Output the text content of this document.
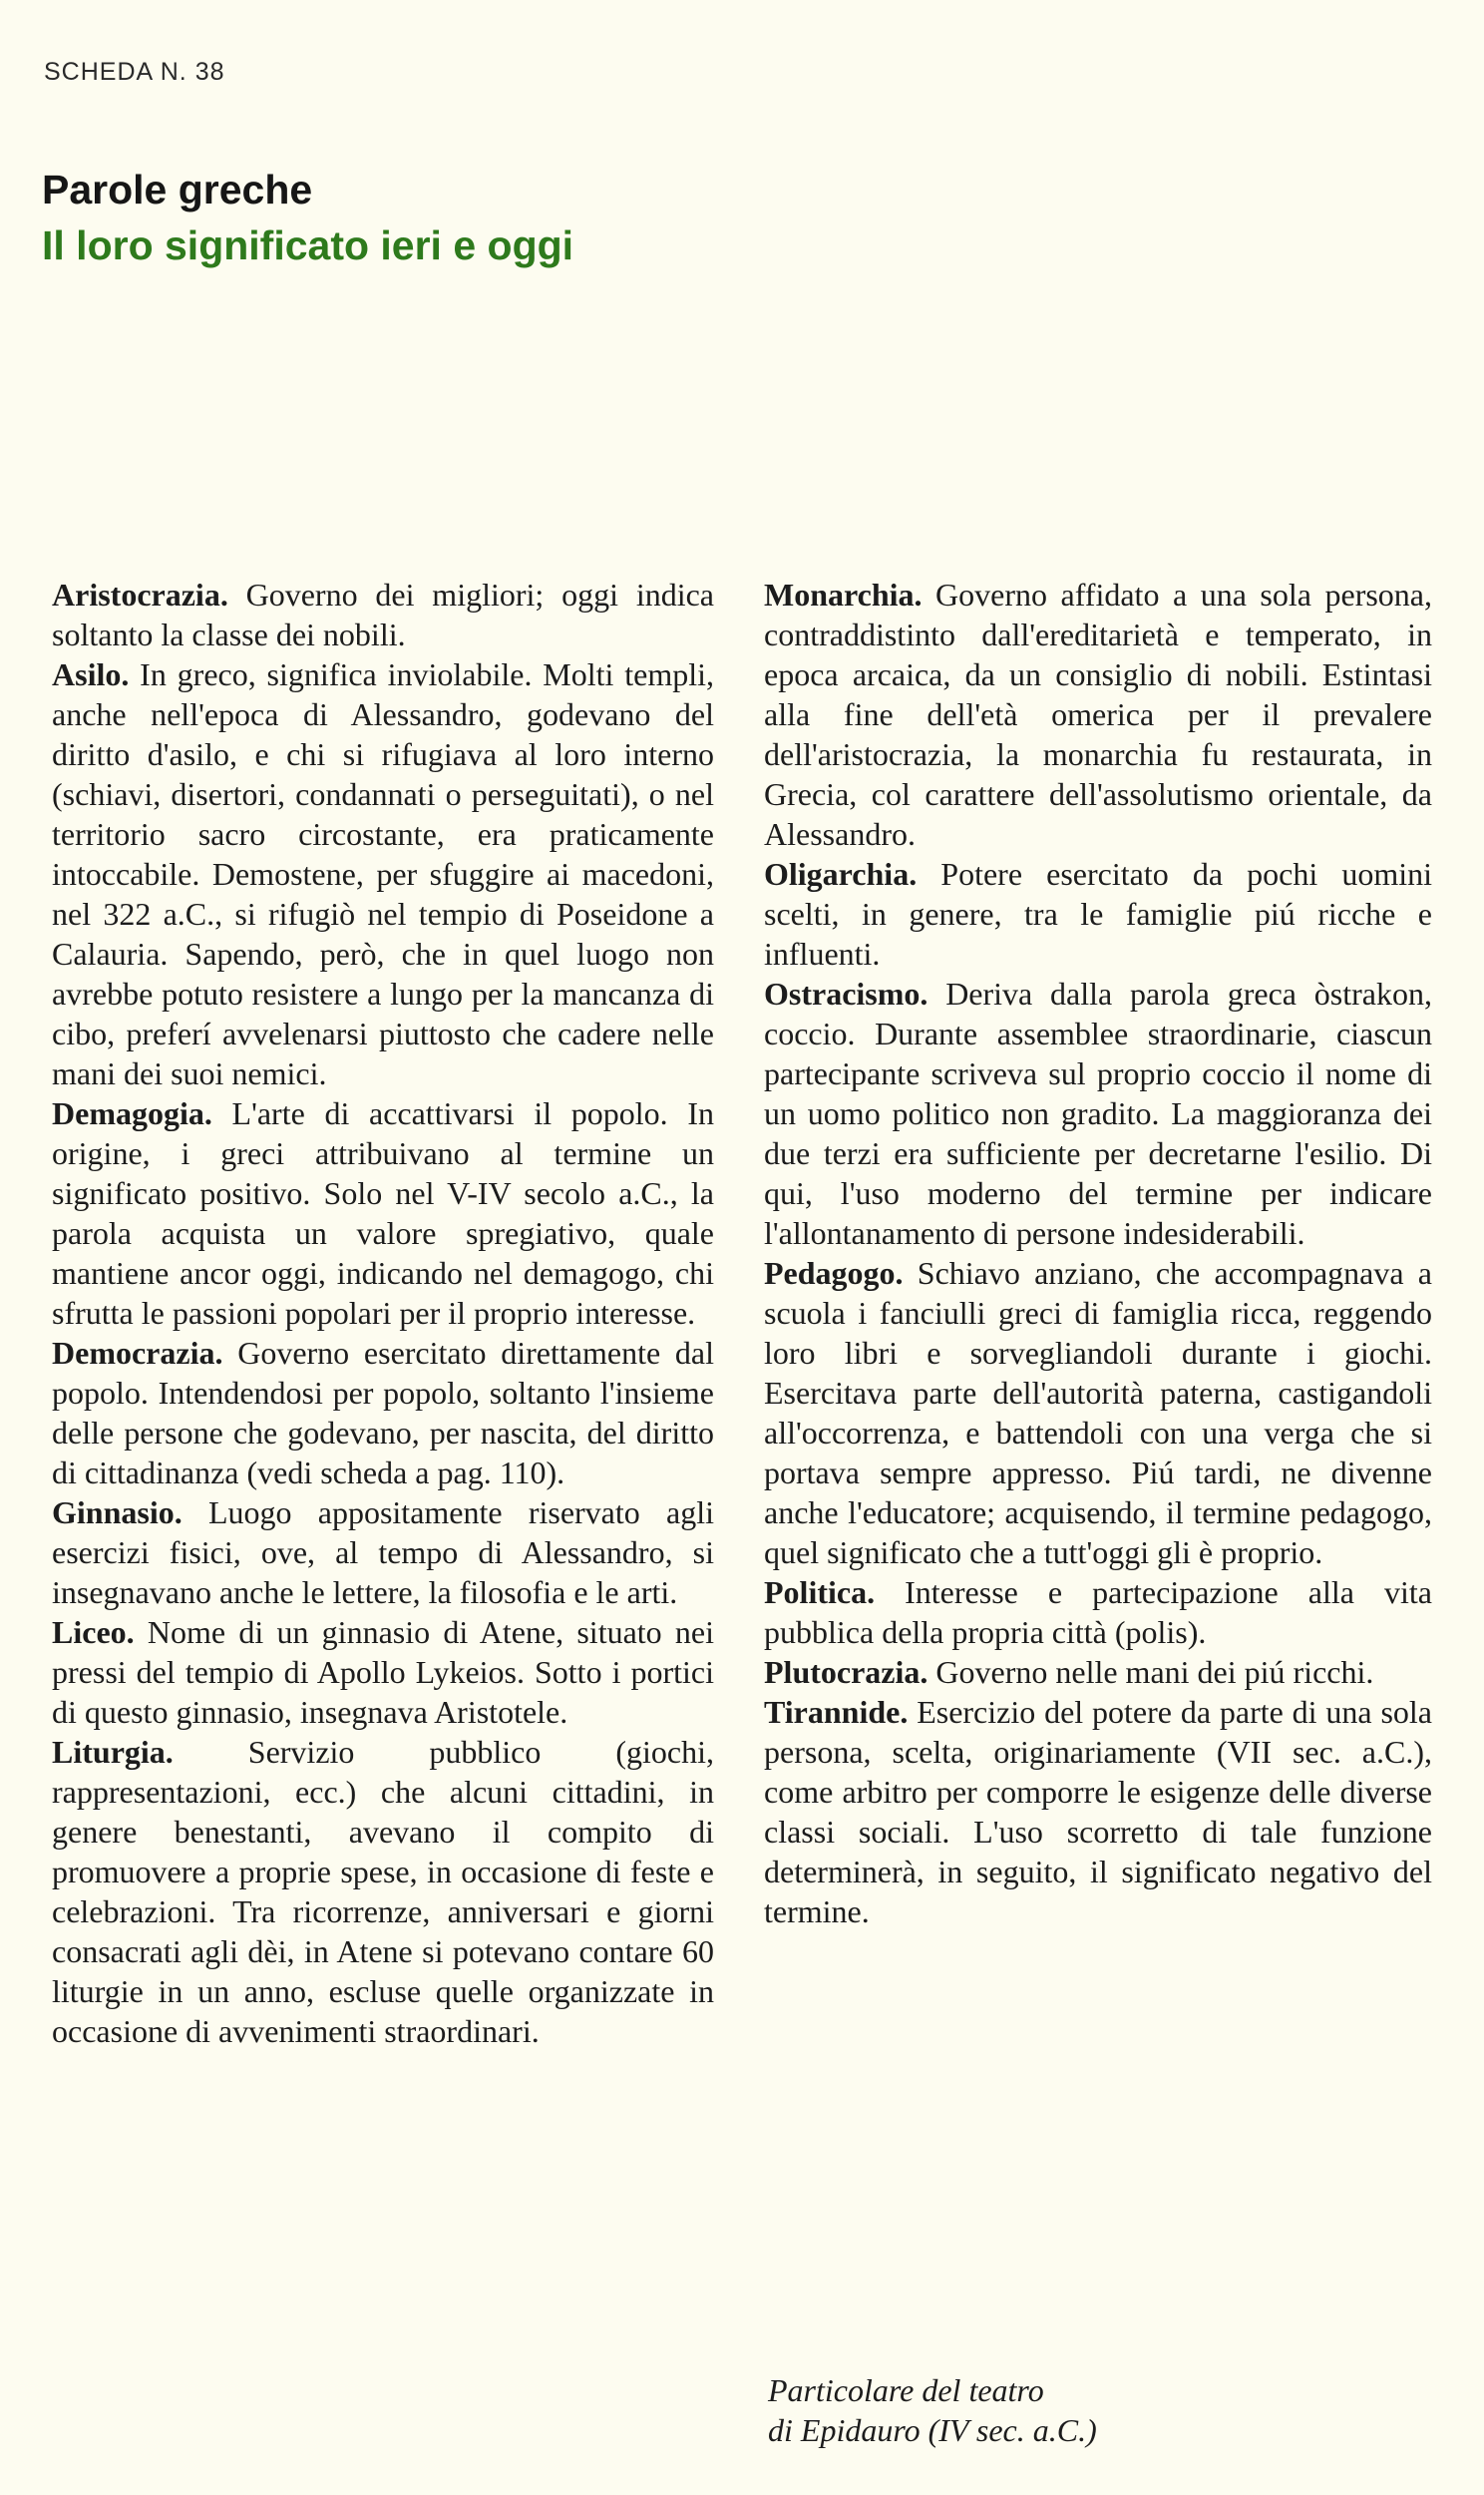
SCHEDA N. 38
Parole greche
Il loro significato ieri e oggi

Aristocrazia. Governo dei migliori; oggi indica soltanto la classe dei nobili.

Asilo. In greco, significa inviolabile. Molti templi, anche nell'epoca di Alessandro, godevano del diritto d'asilo, e chi si rifugiava al loro interno (schiavi, disertori, condannati o perseguitati), o nel territorio sacro circostante, era praticamente intoccabile. Demostene, per sfuggire ai macedoni, nel 322 a.C., si rifugiò nel tempio di Poseidone a Calauria. Sapendo, però, che in quel luogo non avrebbe potuto resistere a lungo per la mancanza di cibo, preferí avvelenarsi piuttosto che cadere nelle mani dei suoi nemici.

Demagogia. L'arte di accattivarsi il popolo. In origine, i greci attribuivano al termine un significato positivo. Solo nel V-IV secolo a.C., la parola acquista un valore spregiativo, quale mantiene ancor oggi, indicando nel demagogo, chi sfrutta le passioni popolari per il proprio interesse.

Democrazia. Governo esercitato direttamente dal popolo. Intendendosi per popolo, soltanto l'insieme delle persone che godevano, per nascita, del diritto di cittadinanza (vedi scheda a pag. 110).

Ginnasio. Luogo appositamente riservato agli esercizi fisici, ove, al tempo di Alessandro, si insegnavano anche le lettere, la filosofia e le arti.

Liceo. Nome di un ginnasio di Atene, situato nei pressi del tempio di Apollo Lykeios. Sotto i portici di questo ginnasio, insegnava Aristotele.

Liturgia. Servizio pubblico (giochi, rappresentazioni, ecc.) che alcuni cittadini, in genere benestanti, avevano il compito di promuovere a proprie spese, in occasione di feste e celebrazioni. Tra ricorrenze, anniversari e giorni consacrati agli dèi, in Atene si potevano contare 60 liturgie in un anno, escluse quelle organizzate in occasione di avvenimenti straordinari.

Monarchia. Governo affidato a una sola persona, contraddistinto dall'ereditarietà e temperato, in epoca arcaica, da un consiglio di nobili. Estintasi alla fine dell'età omerica per il prevalere dell'aristocrazia, la monarchia fu restaurata, in Grecia, col carattere dell'assolutismo orientale, da Alessandro.

Oligarchia. Potere esercitato da pochi uomini scelti, in genere, tra le famiglie piú ricche e influenti.

Ostracismo. Deriva dalla parola greca òstrakon, coccio. Durante assemblee straordinarie, ciascun partecipante scriveva sul proprio coccio il nome di un uomo politico non gradito. La maggioranza dei due terzi era sufficiente per decretarne l'esilio. Di qui, l'uso moderno del termine per indicare l'allontanamento di persone indesiderabili.

Pedagogo. Schiavo anziano, che accompagnava a scuola i fanciulli greci di famiglia ricca, reggendo loro libri e sorvegliandoli durante i giochi. Esercitava parte dell'autorità paterna, castigandoli all'occorrenza, e battendoli con una verga che si portava sempre appresso. Piú tardi, ne divenne anche l'educatore; acquisendo, il termine pedagogo, quel significato che a tutt'oggi gli è proprio.

Politica. Interesse e partecipazione alla vita pubblica della propria città (polis).

Plutocrazia. Governo nelle mani dei piú ricchi.

Tirannide. Esercizio del potere da parte di una sola persona, scelta, originariamente (VII sec. a.C.), come arbitro per comporre le esigenze delle diverse classi sociali. L'uso scorretto di tale funzione determinerà, in seguito, il significato negativo del termine.

Particolare del teatro
di Epidauro (IV sec. a.C.)
